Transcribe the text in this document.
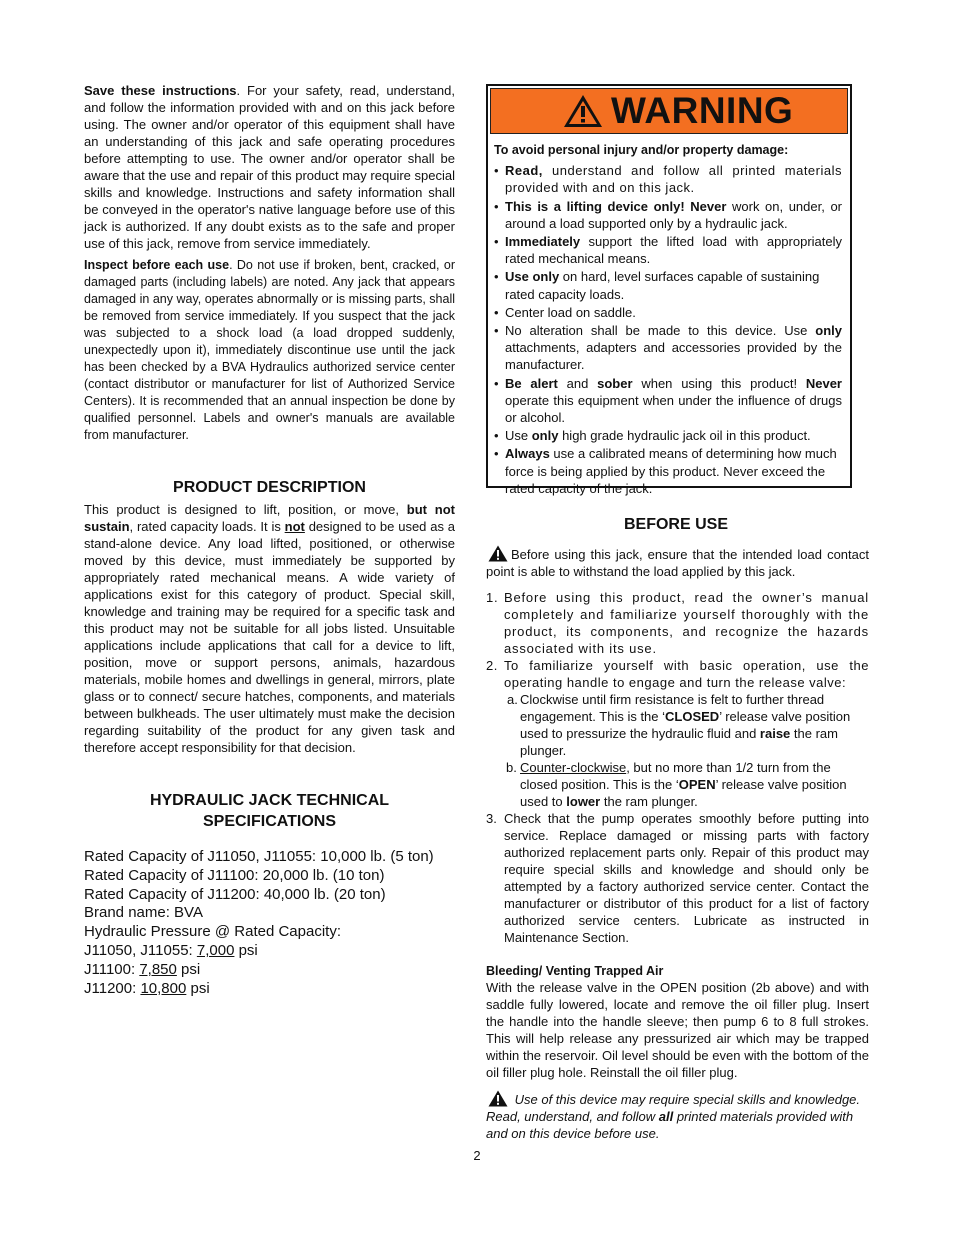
Save these instructions. For your safety, read, understand, and follow the information provided with and on this jack before using. The owner and/or operator of this equipment shall have an understanding of this jack and safe operating procedures before attempting to use. The owner and/or operator shall be aware that the use and repair of this product may require special skills and knowledge. Instructions and safety information shall be conveyed in the operator's native language before use of this jack is authorized. If any doubt exists as to the safe and proper use of this jack, remove from service immediately.

Inspect before each use. Do not use if broken, bent, cracked, or damaged parts (including labels) are noted. Any jack that appears damaged in any way, operates abnormally or is missing parts, shall be removed from service immediately. If you suspect that the jack was subjected to a shock load (a load dropped suddenly, unexpectedly upon it), immediately discontinue use until the jack has been checked by a BVA Hydraulics authorized service center (contact distributor or manufacturer for list of Authorized Service Centers). It is recommended that an annual inspection be done by qualified personnel. Labels and owner's manuals are available from manufacturer.

PRODUCT DESCRIPTION

This product is designed to lift, position, or move, but not sustain, rated capacity loads. It is not designed to be used as a stand-alone device. Any load lifted, positioned, or otherwise moved by this device, must immediately be supported by appropriately rated mechanical means. A wide variety of applications exist for this category of product. Special skill, knowledge and training may be required for a specific task and this product may not be suitable for all jobs listed. Unsuitable applications include applications that call for a device to lift, position, move or support persons, animals, hazardous materials, mobile homes and dwellings in general, mirrors, plate glass or to connect/ secure hatches, components, and materials between bulkheads. The user ultimately must make the decision regarding suitability of the product for any given task and therefore accept responsibility for that decision.

HYDRAULIC JACK TECHNICAL
SPECIFICATIONS
Rated Capacity of J11050, J11055: 10,000 lb. (5 ton)
Rated Capacity of J11100: 20,000 lb. (10 ton)
Rated Capacity of J11200: 40,000 lb. (20 ton)
Brand name: BVA
Hydraulic Pressure @ Rated Capacity:
J11050, J11055: 7,000 psi
J11100: 7,850 psi
J11200: 10,800 psi
WARNING
To avoid personal injury and/or property damage:
• Read, understand and follow all printed materials provided with and on this jack.
• This is a lifting device only! Never work on, under, or around a load supported only by a hydraulic jack.
• Immediately support the lifted load with appropriately rated mechanical means.
• Use only on hard, level surfaces capable of sustaining rated capacity loads.
• Center load on saddle.
• No alteration shall be made to this device. Use only attachments, adapters and accessories provided by the manufacturer.
• Be alert and sober when using this product! Never operate this equipment when under the influence of drugs or alcohol.
• Use only high grade hydraulic jack oil in this product.
• Always use a calibrated means of determining how much force is being applied by this product. Never exceed the rated capacity of the jack.
BEFORE USE

Before using this jack, ensure that the intended load contact point is able to withstand the load applied by this jack.

1. Before using this product, read the owner’s manual completely and familiarize yourself thoroughly with the product, its components, and recognize the hazards associated with its use.
2. To familiarize yourself with basic operation, use the operating handle to engage and turn the release valve:
a. Clockwise until firm resistance is felt to further thread engagement. This is the ‘CLOSED’ release valve position used to pressurize the hydraulic fluid and raise the ram plunger.
b. Counter-clockwise, but no more than 1/2 turn from the closed position. This is the ‘OPEN’ release valve position used to lower the ram plunger.
3. Check that the pump operates smoothly before putting into service. Replace damaged or missing parts with factory authorized replacement parts only. Repair of this product may require special skills and knowledge and should only be attempted by a factory authorized service center. Contact the manufacturer or distributor of this product for a list of factory authorized service centers. Lubricate as instructed in Maintenance Section.
Bleeding/ Venting Trapped Air

With the release valve in the OPEN position (2b above) and with saddle fully lowered, locate and remove the oil filler plug. Insert the handle into the handle sleeve; then pump 6 to 8 full strokes. This will help release any pressurized air which may be trapped within the reservoir. Oil level should be even with the bottom of the oil filler plug hole. Reinstall the oil filler plug.

Use of this device may require special skills and knowledge. Read, understand, and follow all printed materials provided with and on this device before use.

2
